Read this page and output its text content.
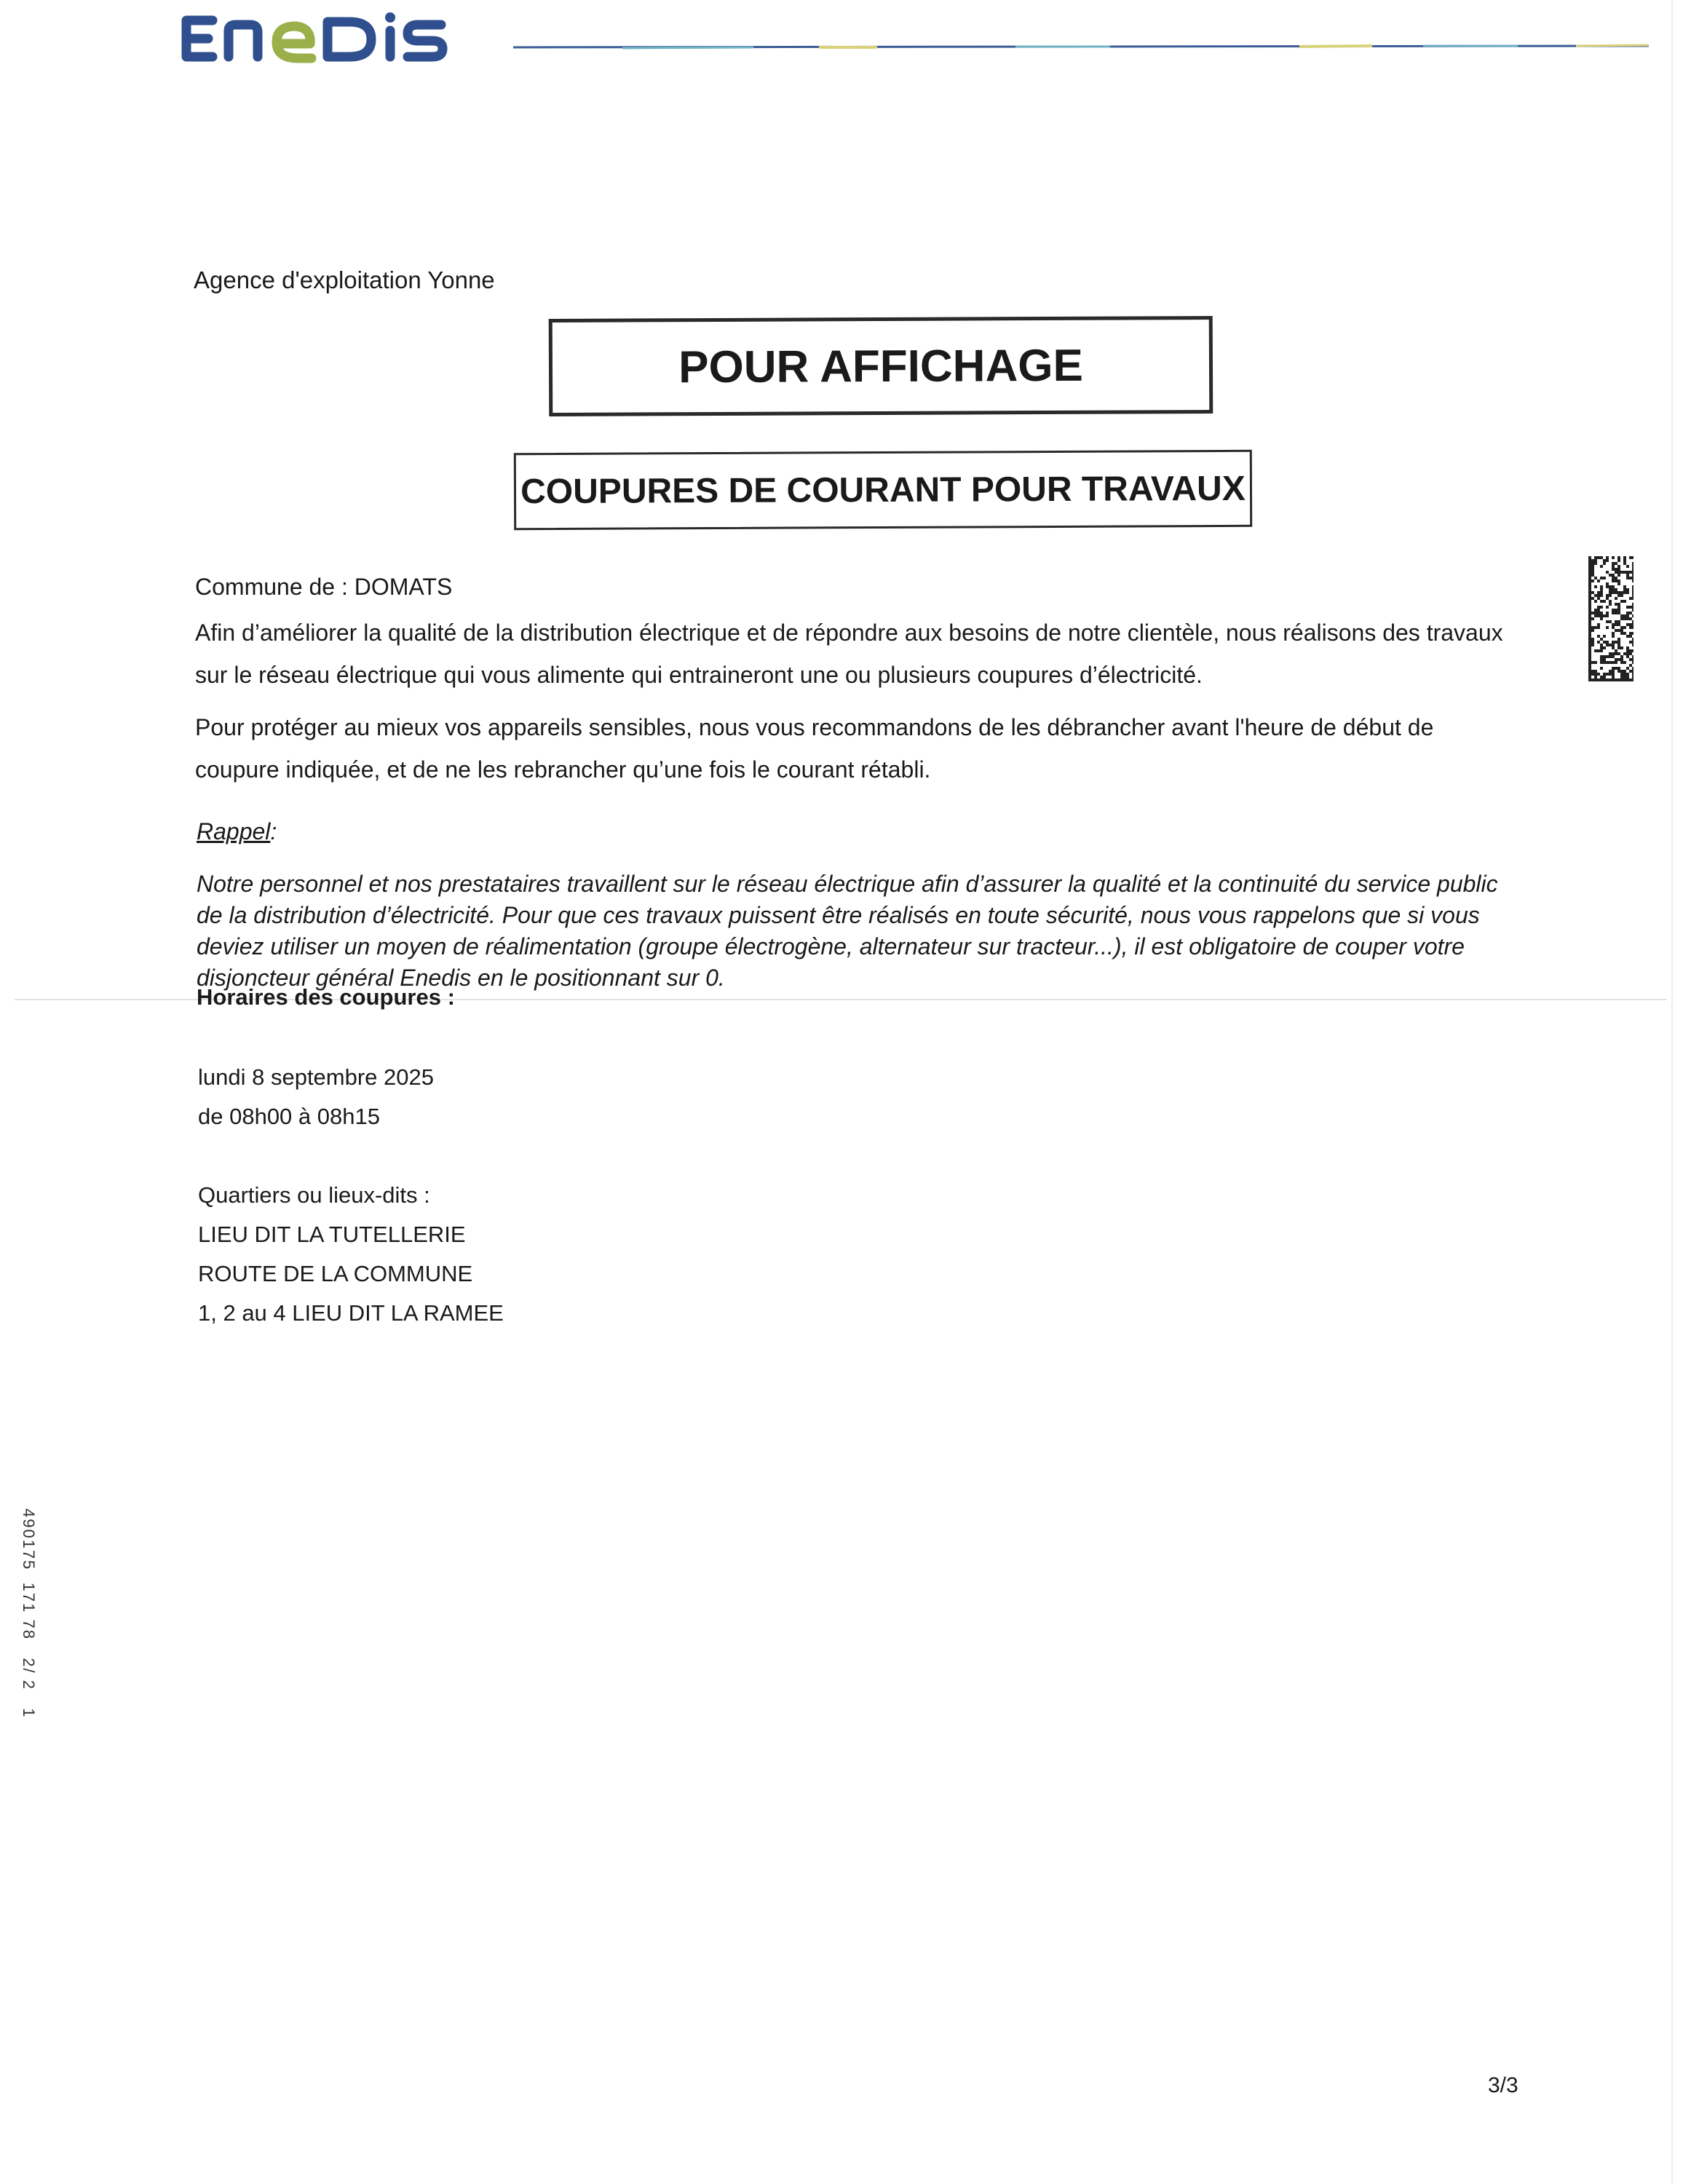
Agence d'exploitation Yonne
POUR AFFICHAGE
COUPURES DE COURANT POUR TRAVAUX
Commune de : DOMATS
Afin d’améliorer la qualité de la distribution électrique et de répondre aux besoins de notre clientèle, nous réalisons des travaux sur le réseau électrique qui vous alimente qui entraineront une ou plusieurs coupures d’électricité.
Pour protéger au mieux vos appareils sensibles, nous vous recommandons de les débrancher avant l'heure de début de coupure indiquée, et de ne les rebrancher qu’une fois le courant rétabli.
Rappel:

Notre personnel et nos prestataires travaillent sur le réseau électrique afin d’assurer la qualité et la continuité du service public de la distribution d’électricité. Pour que ces travaux puissent être réalisés en toute sécurité, nous vous rappelons que si vous deviez utiliser un moyen de réalimentation (groupe électrogène, alternateur sur tracteur...), il est obligatoire de couper votre disjoncteur général Enedis en le positionnant sur 0.
Horaires des coupures :
lundi 8 septembre 2025
de 08h00 à 08h15
Quartiers ou lieux-dits :
LIEU DIT LA TUTELLERIE
ROUTE DE LA COMMUNE
1, 2 au 4 LIEU DIT LA RAMEE
490175  171 78   2/ 2   1
3/3
